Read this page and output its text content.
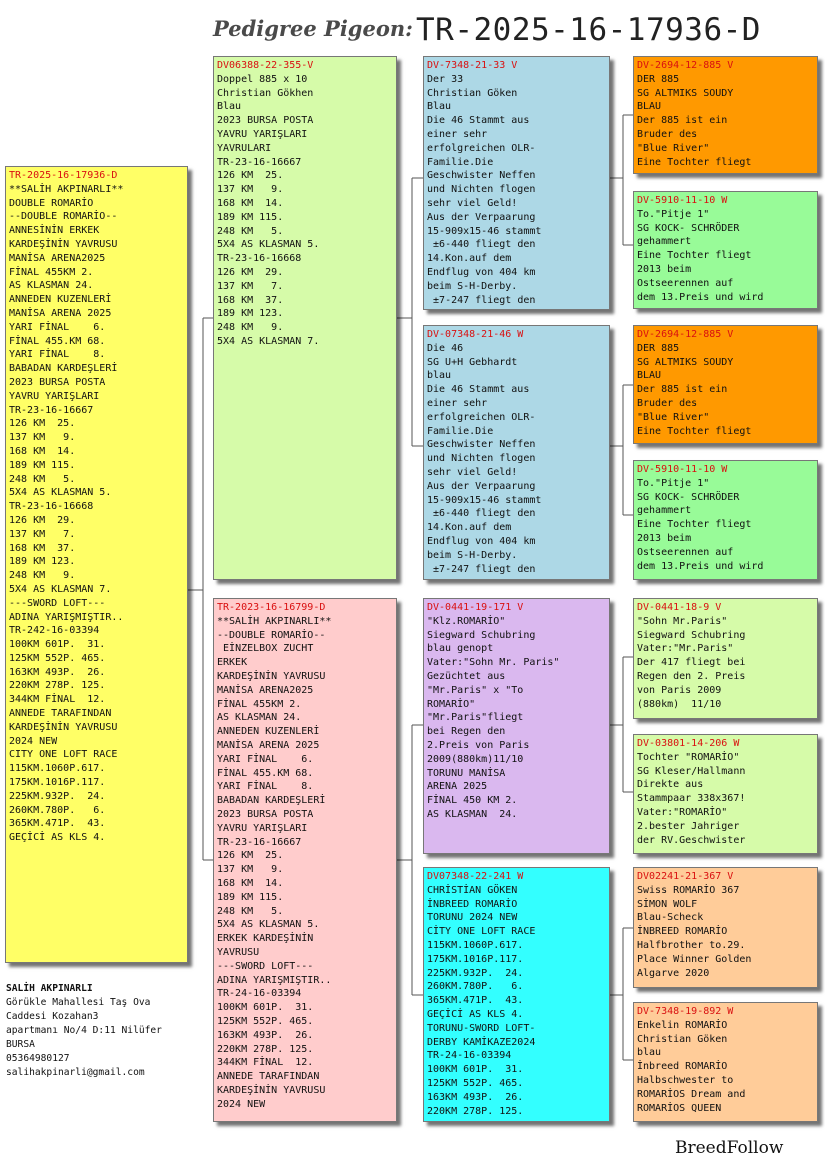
Pedigree Pigeon: TR-2025-16-17936-D
TR-2025-16-17936-D
**SALİH AKPINARLI**
DOUBLE ROMARİO
--DOUBLE ROMARİO--
ANNESİNİN ERKEK
KARDEŞİNİN YAVRUSU
MANİSA ARENA2025
FİNAL 455KM 2.
AS KLASMAN 24.
ANNEDEN KUZENLERİ
MANİSA ARENA 2025
YARI FİNAL    6.
FİNAL 455.KM 68.
YARI FİNAL    8.
BABADAN KARDEŞLERİ
2023 BURSA POSTA
YAVRU YARIŞLARI
TR-23-16-16667
126 KM  25.
137 KM   9.
168 KM  14.
189 KM 115.
248 KM   5.
5X4 AS KLASMAN 5.
TR-23-16-16668
126 KM  29.
137 KM   7.
168 KM  37.
189 KM 123.
248 KM   9.
5X4 AS KLASMAN 7.
---SWORD LOFT---
ADINA YARIŞMIŞTIR..
TR-242-16-03394
100KM 601P.  31.
125KM 552P. 465.
163KM 493P.  26.
220KM 278P. 125.
344KM FİNAL  12.
ANNEDE TARAFINDAN
KARDEŞİNİN YAVRUSU
2024 NEW
CITY ONE LOFT RACE
115KM.1060P.617.
175KM.1016P.117.
225KM.932P.  24.
260KM.780P.   6.
365KM.471P.  43.
GEÇİCİ AS KLS 4.
DV06388-22-355-V
Doppel 885 x 10
Christian Gökhen
Blau
2023 BURSA POSTA
YAVRU YARIŞLARI
YAVRULARI
TR-23-16-16667
126 KM  25.
137 KM   9.
168 KM  14.
189 KM 115.
248 KM   5.
5X4 AS KLASMAN 5.
TR-23-16-16668
126 KM  29.
137 KM   7.
168 KM  37.
189 KM 123.
248 KM   9.
5X4 AS KLASMAN 7.
TR-2023-16-16799-D
**SALİH AKPINARLI**
--DOUBLE ROMARİO--
EİNZELBOX ZUCHT
ERKEK
KARDEŞİNİN YAVRUSU
MANİSA ARENA2025
FİNAL 455KM 2.
AS KLASMAN 24.
ANNEDEN KUZENLERİ
MANİSA ARENA 2025
YARI FİNAL    6.
FİNAL 455.KM 68.
YARI FİNAL    8.
BABADAN KARDEŞLERİ
2023 BURSA POSTA
YAVRU YARIŞLARI
TR-23-16-16667
126 KM  25.
137 KM   9.
168 KM  14.
189 KM 115.
248 KM   5.
5X4 AS KLASMAN 5.
ERKEK KARDEŞİNİN
YAVRUSU
---SWORD LOFT---
ADINA YARIŞMIŞTIR..
TR-24-16-03394
100KM 601P.  31.
125KM 552P. 465.
163KM 493P.  26.
220KM 278P. 125.
344KM FİNAL  12.
ANNEDE TARAFINDAN
KARDEŞİNİN YAVRUSU
2024 NEW
DV-7348-21-33 V
Der 33
Christian Göken
Blau
Die 46 Stammt aus
einer sehr
erfolgreichen OLR-
Familie.Die
Geschwister Neffen
und Nichten flogen
sehr viel Geld!
Aus der Verpaarung
15-909x15-46 stammt
±6-440 fliegt den
14.Kon.auf dem
Endflug von 404 km
beim S-H-Derby.
±7-247 fliegt den
DV-07348-21-46 W
Die 46
SG U+H Gebhardt
blau
Die 46 Stammt aus
einer sehr
erfolgreichen OLR-
Familie.Die
Geschwister Neffen
und Nichten flogen
sehr viel Geld!
Aus der Verpaarung
15-909x15-46 stammt
±6-440 fliegt den
14.Kon.auf dem
Endflug von 404 km
beim S-H-Derby.
±7-247 fliegt den
DV-0441-19-171 V
"Klz.ROMARİO"
Siegward Schubring
blau genopt
Vater:"Sohn Mr. Paris"
Gezüchtet aus
"Mr.Paris" x "To
ROMARİO"
"Mr.Paris"fliegt
bei Regen den
2.Preis von Paris
2009(880km)11/10
TORUNU MANİSA
ARENA 2025
FİNAL 450 KM 2.
AS KLASMAN  24.
DV07348-22-241 W
CHRİSTİAN GÖKEN
İNBREED ROMARİO
TORUNU 2024 NEW
CİTY ONE LOFT RACE
115KM.1060P.617.
175KM.1016P.117.
225KM.932P.  24.
260KM.780P.   6.
365KM.471P.  43.
GEÇİCİ AS KLS 4.
TORUNU-SWORD LOFT-
DERBY KAMİKAZE2024
TR-24-16-03394
100KM 601P.  31.
125KM 552P. 465.
163KM 493P.  26.
220KM 278P. 125.
DV-2694-12-885 V
DER 885
SG ALTMIKS SOUDY
BLAU
Der 885 ist ein
Bruder des
"Blue River"
Eine Tochter fliegt
DV-5910-11-10 W
To."Pitje 1"
SG KOCK- SCHRÖDER
gehammert
Eine Tochter fliegt
2013 beim
Ostseerennen auf
dem 13.Preis und wird
DV-2694-12-885 V
DER 885
SG ALTMIKS SOUDY
BLAU
Der 885 ist ein
Bruder des
"Blue River"
Eine Tochter fliegt
DV-5910-11-10 W
To."Pitje 1"
SG KOCK- SCHRÖDER
gehammert
Eine Tochter fliegt
2013 beim
Ostseerennen auf
dem 13.Preis und wird
DV-0441-18-9 V
"Sohn Mr.Paris"
Siegward Schubring
Vater:"Mr.Paris"
Der 417 fliegt bei
Regen den 2. Preis
von Paris 2009
(880km)  11/10
DV-03801-14-206 W
Tochter "ROMARİO"
SG Kleser/Hallmann
Direkte aus
Stammpaar 338x367!
Vater:"ROMARİO"
2.bester Jahriger
der RV.Geschwister
DV02241-21-367 V
Swiss ROMARİO 367
SİMON WOLF
Blau-Scheck
İNBREED ROMARİO
Halfbrother to.29.
Place Winner Golden
Algarve 2020
DV-7348-19-892 W
Enkelin ROMARİO
Christian Göken
blau
İnbreed ROMARİO
Halbschwester to
ROMARİOS Dream and
ROMARİOS QUEEN
SALİH AKPINARLI
Görükle Mahallesi Taş Ova
Caddesi Kozahan3
apartmanı No/4 D:11 Nilüfer
BURSA
05364980127
salihakpinarli@gmail.com
BreedFollow
